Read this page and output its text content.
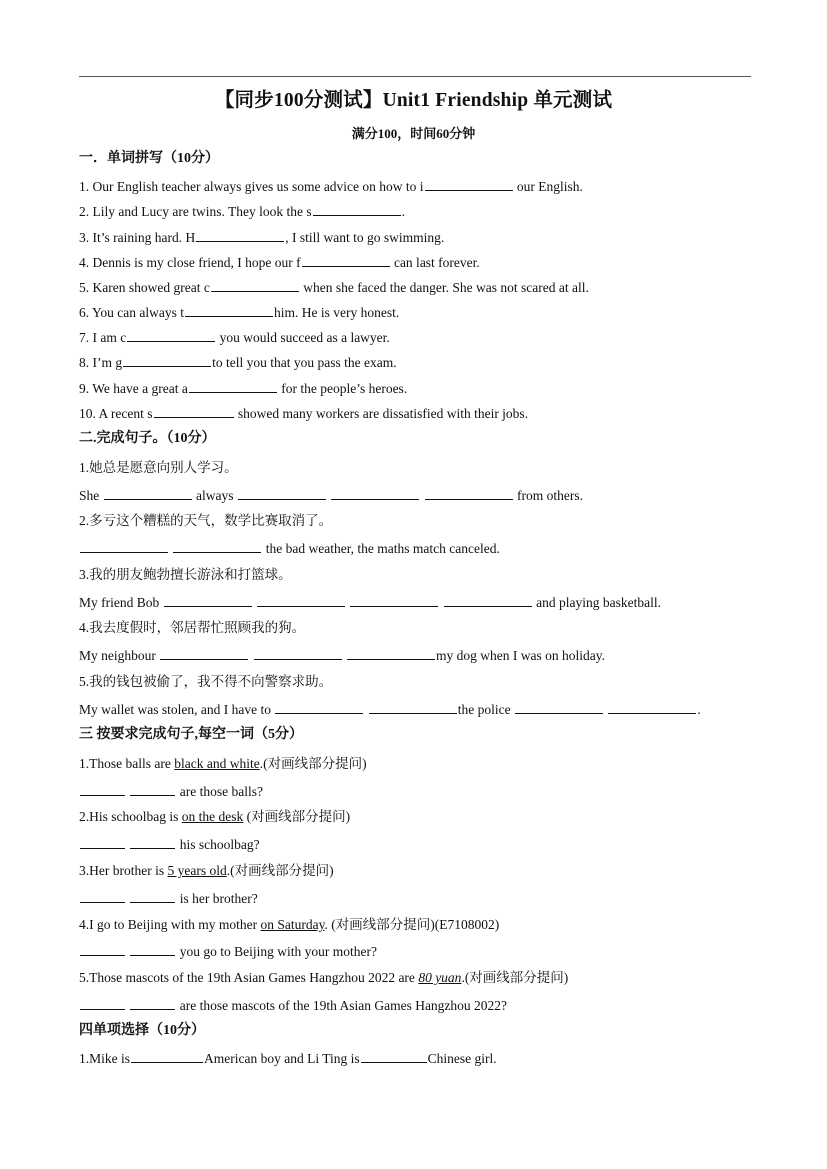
【同步100分测试】Unit1 Friendship 单元测试
满分100，时间60分钟
一．单词拼写（10分）
1. Our English teacher always gives us some advice on how to i	our English.
2. Lily and Lucy are twins. They look the s	.
3. It’s raining hard. H	, I still want to go swimming.
4. Dennis is my close friend, I hope our f	can last forever.
5. Karen showed great c	when she faced the danger. She was not scared at all.
6. You can always t	him. He is very honest.
7. I am c	you would succeed as a lawyer.
8. I’m g	to tell you that you pass the exam.
9. We have a great a	for the people’s heroes.
10. A recent s	showed many workers are dissatisfied with their jobs.
二.完成句子。（10分）
1.她总是愿意向别人学习。
She	always	from others.
2.多亏这个糟糕的天气，数学比赛取消了。
the bad weather, the maths match canceled.
3.我的朋友鲍勃擅长游泳和打篮球。
My friend Bob	and playing basketball.
4.我去度假时，邻居帮忙照顾我的狗。
My neighbour	my dog when I was on holiday.
5.我的钱包被偷了，我不得不向警察求助。
My wallet was stolen, and I have to	the police	.
三 按要求完成句子,每空一词（5分）
1.Those balls are black and white.(对画线部分提问)
are those balls?
2.His schoolbag is on the desk (对画线部分提问)
his schoolbag?
3.Her brother is 5 years old.(对画线部分提问)
is her brother?
4.I go to Beijing with my mother on Saturday. (对画线部分提问)(E7108002)
you go to Beijing with your mother?
5.Those mascots of the 19th Asian Games Hangzhou 2022 are 80 yuan.(对画线部分提问)
are those mascots of the 19th Asian Games Hangzhou 2022?
四单项选择（10分）
1.Mike is	American boy and Li Ting is	Chinese girl.
